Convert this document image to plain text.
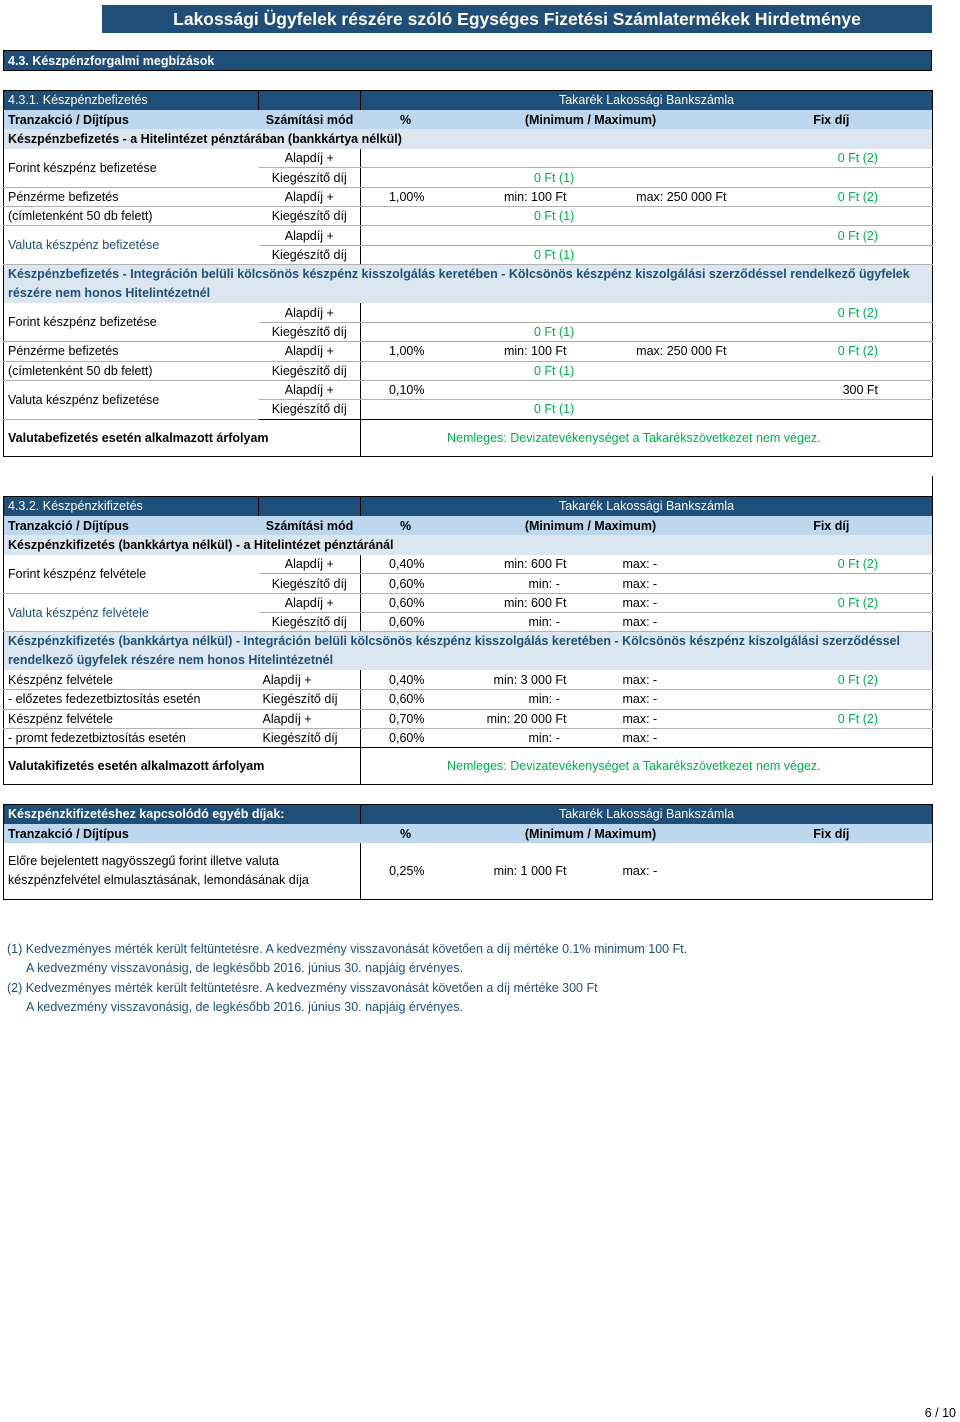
Lakossági Ügyfelek részére szóló Egységes Fizetési Számlatermékek Hirdetménye
4.3. Készpénzforgalmi megbízások
4.3.1. Készpénzbefizetés		Takarék Lakossági Bankszámla			
Tranzakció / Díjtípus	Számítási mód	%	(Minimum / Maximum)		Fix díj
Készpénzbefizetés - a Hitelintézet pénztárában (bankkártya nélkül)					
Forint készpénz befizetése	Alapdíj +				0 Ft (2)
	Kiegészítő díj	0 Ft (1)			
Pénzérme befizetés	Alapdíj +	1,00%	min: 100 Ft	max: 250 000 Ft	0 Ft (2)
(címletenként 50 db felett)	Kiegészítő díj	0 Ft (1)			
Valuta készpénz befizetése	Alapdíj +				0 Ft (2)
	Kiegészítő díj	0 Ft (1)			
Készpénzbefizetés - Integráción belüli kölcsönös készpénz kisszolgálás keretében - Kölcsönös készpénz kiszolgálási szerződéssel rendelkező ügyfelek részére nem honos Hitelintézetnél					
Forint készpénz befizetése	Alapdíj +				0 Ft (2)
	Kiegészítő díj	0 Ft (1)			
Pénzérme befizetés	Alapdíj +	1,00%	min: 100 Ft	max: 250 000 Ft	0 Ft (2)
(címletenként 50 db felett)	Kiegészítő díj	0 Ft (1)			
Valuta készpénz befizetése	Alapdíj +	0,10%			300 Ft
	Kiegészítő díj	0 Ft (1)			
Valutabefizetés esetén alkalmazott árfolyam		Nemleges: Devizatevékenységet a Takarékszövetkezet nem végez.			
4.3.2. Készpénzkifizetés		Takarék Lakossági Bankszámla			
Tranzakció / Díjtípus	Számítási mód	%	(Minimum / Maximum)		Fix díj
Készpénzkifizetés (bankkártya nélkül) - a Hitelintézet pénztáránál					
Forint készpénz felvétele	Alapdíj +	0,40%	min: 600 Ft	max: -	0 Ft (2)
	Kiegészítő díj	0,60%	min: -	max: -	
Valuta készpénz felvétele	Alapdíj +	0,60%	min: 600 Ft	max: -	0 Ft (2)
	Kiegészítő díj	0,60%	min: -	max: -	
Készpénzkifizetés (bankkártya nélkül) - Integráción belüli kölcsönös készpénz kisszolgálás keretében - Kölcsönös készpénz kiszolgálási szerződéssel rendelkező ügyfelek részére nem honos Hitelintézetnél					
Készpénz felvétele	Alapdíj +	0,40%	min: 3 000 Ft	max: -	0 Ft (2)
- előzetes fedezetbiztosítás esetén	Kiegészítő díj	0,60%	min: -	max: -	
Készpénz felvétele	Alapdíj +	0,70%	min: 20 000 Ft	max: -	0 Ft (2)
- promt fedezetbiztosítás esetén	Kiegészítő díj	0,60%	min: -	max: -	
Valutakifizetés esetén alkalmazott árfolyam		Nemleges: Devizatevékenységet a Takarékszövetkezet nem végez.			
Készpénzkifizetéshez kapcsolódó egyéb díjak:	Takarék Lakossági Bankszámla			
Tranzakció / Díjtípus	%	(Minimum / Maximum)		Fix díj
Előre bejelentett nagyösszegű forint illetve valuta
készpénzfelvétel elmulasztásának, lemondásának díja	0,25%	min: 1 000 Ft	max: -	
(1) Kedvezményes mérték került feltüntetésre. A kedvezmény visszavonását követően a díj mértéke 0.1% minimum 100 Ft.
A kedvezmény visszavonásig, de legkésőbb 2016. június 30. napjáig érvényes.
(2) Kedvezményes mérték került feltüntetésre. A kedvezmény visszavonását követően a díj mértéke 300 Ft
A kedvezmény visszavonásig, de legkésőbb 2016. június 30. napjáig érvényes.
6 / 10
